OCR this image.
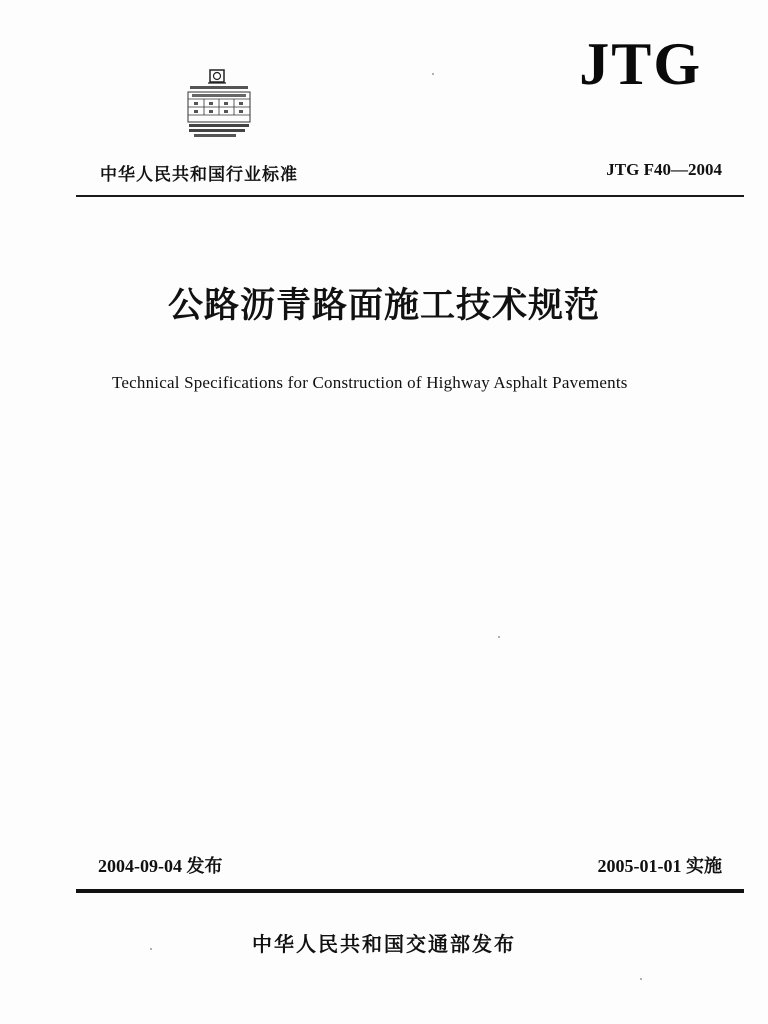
JTG
中华人民共和国行业标准	JTG F40—2004
公路沥青路面施工技术规范
Technical Specifications for Construction of Highway Asphalt Pavements
2004-09-04 发布	2005-01-01 实施
中华人民共和国交通部发布
